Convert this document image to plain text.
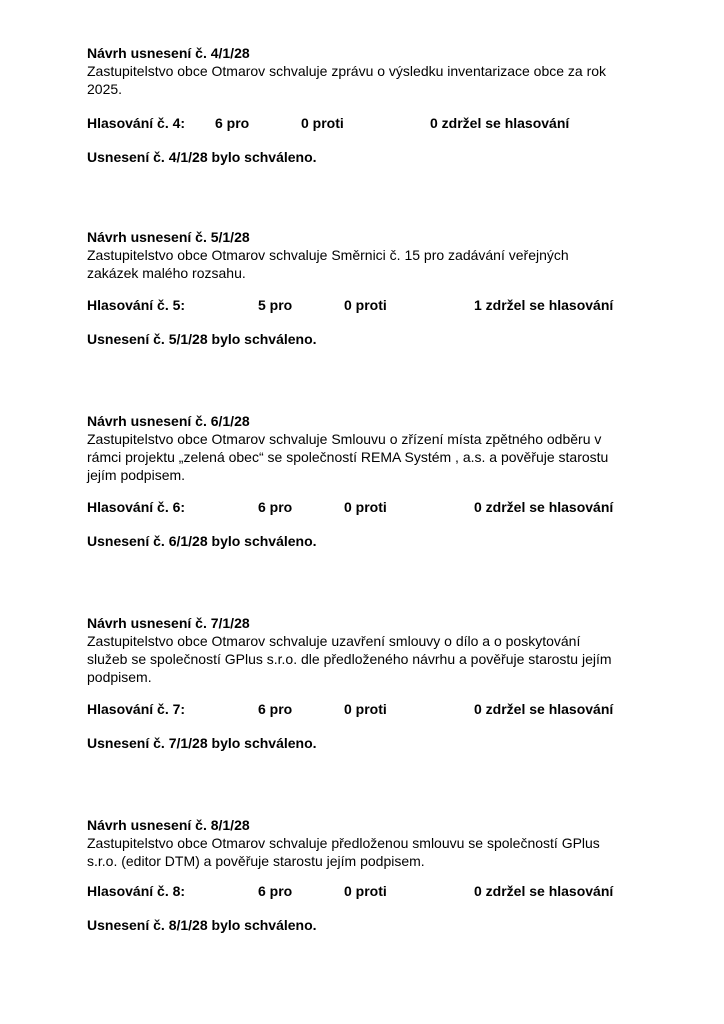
Návrh usnesení č. 4/1/28
Zastupitelstvo obce Otmarov schvaluje zprávu o výsledku inventarizace obce za rok
2025.
Hlasování č. 4: 6 pro	0 proti	0 zdržel se hlasování
Usnesení č. 4/1/28 bylo schváleno.
Návrh usnesení č. 5/1/28
Zastupitelstvo obce Otmarov schvaluje Směrnici č. 15 pro zadávání veřejných
zakázek malého rozsahu.
Hlasování č. 5:	5 pro	0 proti	1 zdržel se hlasování
Usnesení č. 5/1/28 bylo schváleno.
Návrh usnesení č. 6/1/28
Zastupitelstvo obce Otmarov schvaluje Smlouvu o zřízení místa zpětného odběru v
rámci projektu „zelená obec“ se společností REMA Systém , a.s. a pověřuje starostu
jejím podpisem.
Hlasování č. 6:	6 pro	0 proti	0 zdržel se hlasování
Usnesení č. 6/1/28 bylo schváleno.
Návrh usnesení č. 7/1/28
Zastupitelstvo obce Otmarov schvaluje uzavření smlouvy o dílo a o poskytování
služeb se společností GPlus s.r.o. dle předloženého návrhu a pověřuje starostu jejím
podpisem.
Hlasování č. 7:	6 pro	0 proti	0 zdržel se hlasování
Usnesení č. 7/1/28 bylo schváleno.
Návrh usnesení č. 8/1/28
Zastupitelstvo obce Otmarov schvaluje předloženou smlouvu se společností GPlus
s.r.o. (editor DTM) a pověřuje starostu jejím podpisem.
Hlasování č. 8:	6 pro	0 proti	0 zdržel se hlasování
Usnesení č. 8/1/28 bylo schváleno.
